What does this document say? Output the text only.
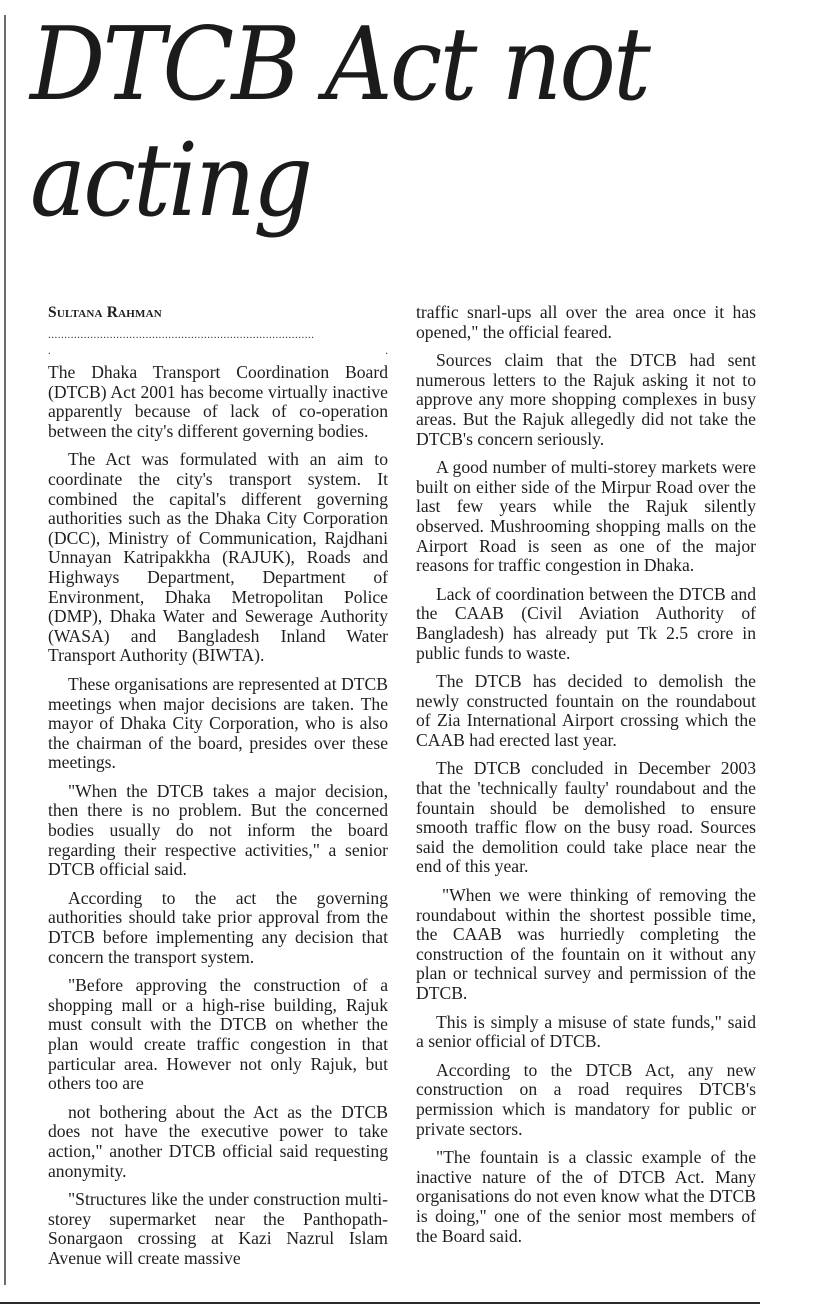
DTCB Act not
acting
Sultana Rahman
..................................................................................
.	.

The Dhaka Transport Coordination Board (DTCB) Act 2001 has become virtually inactive apparently because of lack of co-operation between the city's different governing bodies.

The Act was formulated with an aim to coordinate the city's transport system. It combined the capital's different governing authorities such as the Dhaka City Corporation (DCC), Ministry of Communication, Rajdhani Unnayan Katripakkha (RAJUK), Roads and Highways Department, Department of Environment, Dhaka Metropolitan Police (DMP), Dhaka Water and Sewerage Authority (WASA) and Bangladesh Inland Water Transport Authority (BIWTA).

These organisations are represented at DTCB meetings when major decisions are taken. The mayor of Dhaka City Corporation, who is also the chairman of the board, presides over these meetings.

"When the DTCB takes a major decision, then there is no problem. But the concerned bodies usually do not inform the board regarding their respective activities," a senior DTCB official said.

According to the act the governing authorities should take prior approval from the DTCB before implementing any decision that concern the transport system.

"Before approving the construction of a shopping mall or a high-rise building, Rajuk must consult with the DTCB on whether the plan would create traffic congestion in that particular area. However not only Rajuk, but others too are

not bothering about the Act as the DTCB does not have the executive power to take action," another DTCB official said requesting anonymity.

"Structures like the under construction multi-storey supermarket near the Panthopath-Sonargaon crossing at Kazi Nazrul Islam Avenue will create massive

traffic snarl-ups all over the area once it has opened," the official feared.

Sources claim that the DTCB had sent numerous letters to the Rajuk asking it not to approve any more shopping complexes in busy areas. But the Rajuk allegedly did not take the DTCB's concern seriously.

A good number of multi-storey markets were built on either side of the Mirpur Road over the last few years while the Rajuk silently observed. Mushrooming shopping malls on the Airport Road is seen as one of the major reasons for traffic congestion in Dhaka.

Lack of coordination between the DTCB and the CAAB (Civil Aviation Authority of Bangladesh) has already put Tk 2.5 crore in public funds to waste.

The DTCB has decided to demolish the newly constructed fountain on the roundabout of Zia International Airport crossing which the CAAB had erected last year.

The DTCB concluded in December 2003 that the 'technically faulty' roundabout and the fountain should be demolished to ensure smooth traffic flow on the busy road. Sources said the demolition could take place near the end of this year.

"When we were thinking of removing the roundabout within the shortest possible time, the CAAB was hurriedly completing the construction of the fountain on it without any plan or technical survey and permission of the DTCB.

This is simply a misuse of state funds," said a senior official of DTCB.

According to the DTCB Act, any new construction on a road requires DTCB's permission which is mandatory for public or private sectors.

"The fountain is a classic example of the inactive nature of the of DTCB Act. Many organisations do not even know what the DTCB is doing," one of the senior most members of the Board said.
